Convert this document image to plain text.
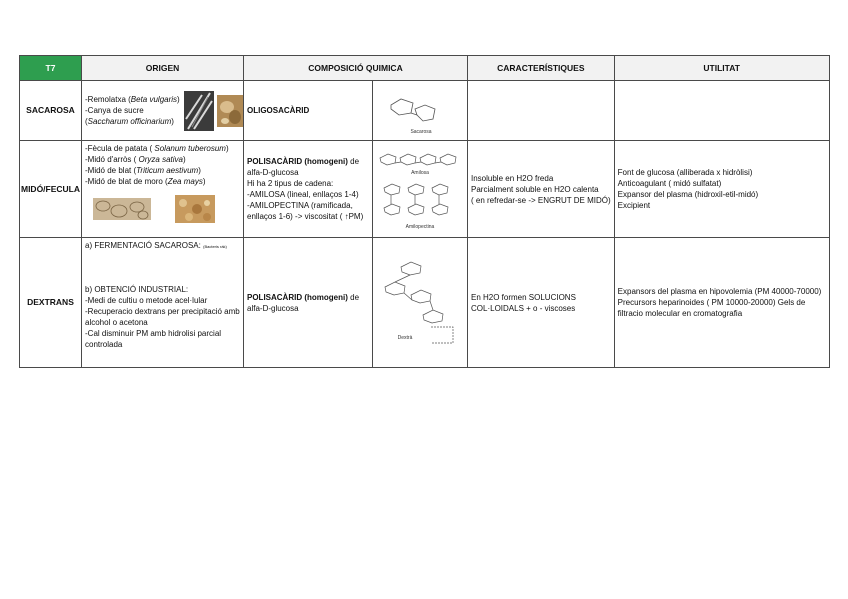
T7	ORIGEN	COMPOSICIÓ QUIMICA		CARACTERÍSTIQUES	UTILITAT
SACAROSA	-Remolatxa (Beta vulgaris)
-Canya de sucre
(Saccharum officinarium)	OLIGOSACÀRID	Sacarosa		

MIDÓ/FECULA	-Fècula de patata ( Solanum tuberosum)
-Midó d'arròs ( Oryza sativa)
-Midó de blat (Triticum aestivum)
-Midó de blat de moro (Zea mays)	POLISACÀRID (homogeni) de alfa-D-glucosa
Hi ha 2 tipus de cadena:
-AMILOSA (lineal, enllaços 1-4)
-AMILOPECTINA (ramificada, enllaços 1-6) -> viscositat ( ↑PM)	Amilosa
Amilopectina	Insoluble en H2O freda
Parcialment soluble en H2O calenta
( en refredar-se -> ENGRUT DE MIDÓ)	Font de glucosa (alliberada x hidròlisi)
Anticoagulant ( midó sulfatat)
Expansor del plasma (hidroxil-etil-midó)
Excipient

DEXTRANS	a) FERMENTACIÓ SACAROSA: (Bacteris ràk)
b) OBTENCIÓ INDUSTRIAL:
-Medi de cultiu o metode acel·lular
-Recuperacio dextrans per precipitació amb alcohol o acetona
-Cal disminuir PM amb hidrolisi parcial controlada	POLISACÀRID (homogeni) de alfa-D-glucosa	Dextrà	En H2O formen SOLUCIONS
COL·LOIDALS + o - viscoses	Expansors del plasma en hipovolemia (PM 40000-70000)
Precursors heparinoides ( PM 10000-20000) Gels de filtracio molecular en cromatografia
